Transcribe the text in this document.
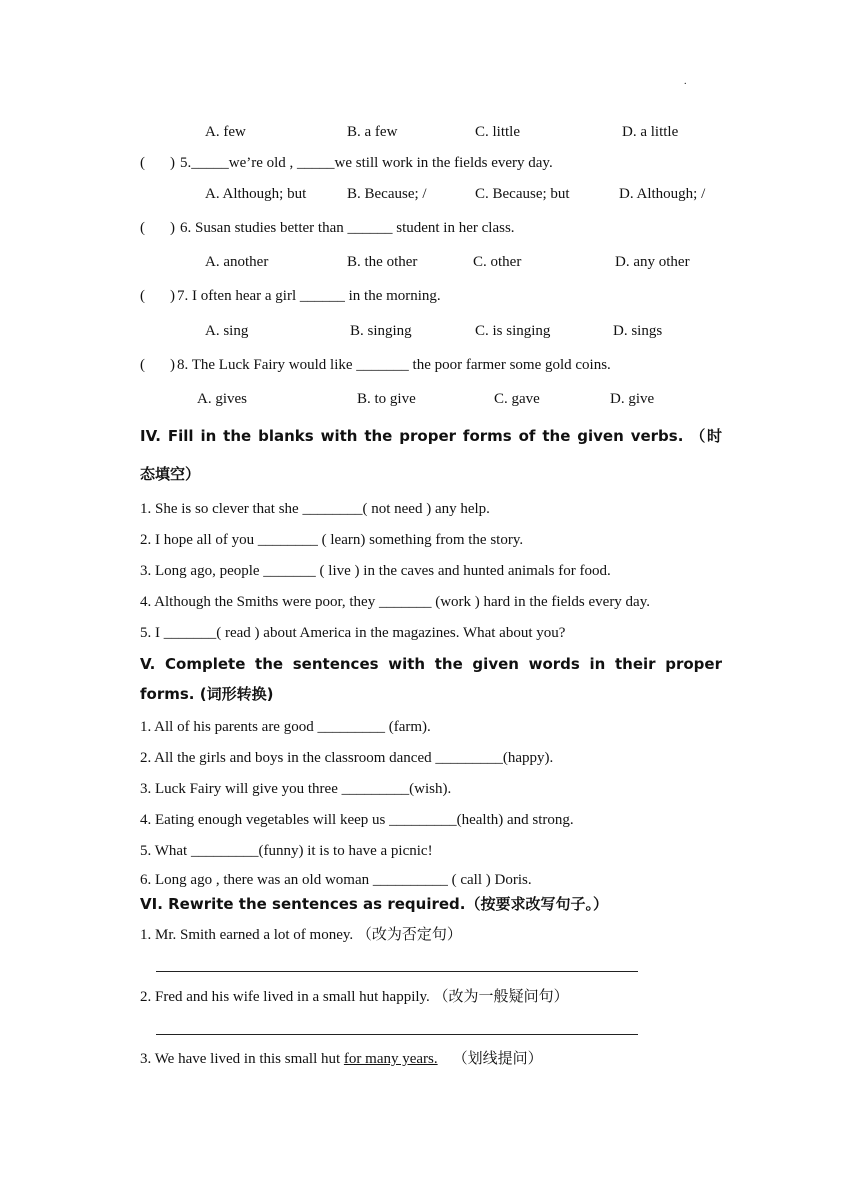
.
A. few	B. a few	C. little	D. a little
( ) 5._____we’re old , _____we still work in the fields every day.
A. Although; but	B. Because; /	C. Because; but	D. Although; /
( ) 6. Susan studies better than ______ student in her class.
A. another	B. the other	C. other	D. any other
( ) 7. I often hear a girl ______ in the morning.
A. sing	B. singing	C. is singing	D. sings
( ) 8. The Luck Fairy would like _______ the poor farmer some gold coins.
A. gives	B. to give	C. gave	D. give
IV. Fill in the blanks with the proper forms of the given verbs. （时
态填空）
1. She is so clever that she ________( not need ) any help.
2. I hope all of you ________ ( learn) something from the story.
3. Long ago, people _______ ( live ) in the caves and hunted animals for food.
4. Although the Smiths were poor, they _______ (work ) hard in the fields every day.
5. I _______( read ) about America in the magazines. What about you?
V. Complete the sentences with the given words in their proper
forms. (词形转换)
1. All of his parents are good _________ (farm).
2. All the girls and boys in the classroom danced _________(happy).
3. Luck Fairy will give you three _________(wish).
4. Eating enough vegetables will keep us _________(health) and strong.
5. What _________(funny) it is to have a picnic!
6. Long ago , there was an old woman __________ ( call ) Doris.
VI. Rewrite the sentences as required.（按要求改写句子。）
1. Mr. Smith earned a lot of money. （改为否定句）
2. Fred and his wife lived in a small hut happily. （改为一般疑问句）
3. We have lived in this small hut for many years.    （划线提问）
